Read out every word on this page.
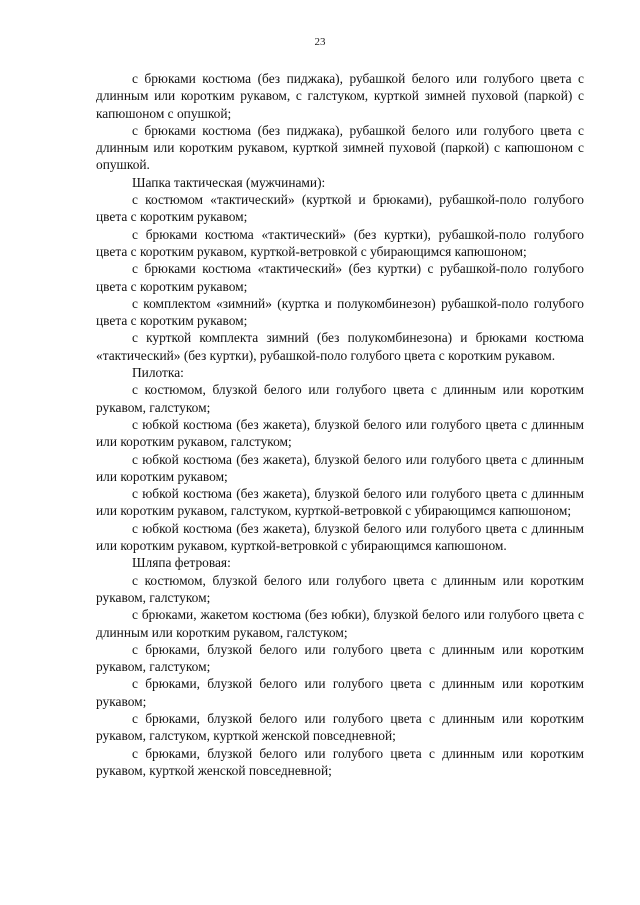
23

с брюками костюма (без пиджака), рубашкой белого или голубого цвета с длинным или коротким рукавом, с галстуком, курткой зимней пуховой (паркой) с капюшоном с опушкой;

с брюками костюма (без пиджака), рубашкой белого или голубого цвета с длинным или коротким рукавом, курткой зимней пуховой (паркой) с капюшоном с опушкой.

Шапка тактическая (мужчинами):

с костюмом «тактический» (курткой и брюками), рубашкой-поло голубого цвета с коротким рукавом;

с брюками костюма «тактический» (без куртки), рубашкой-поло голубого цвета с коротким рукавом, курткой-ветровкой с убирающимся капюшоном;

с брюками костюма «тактический» (без куртки) с рубашкой-поло голубого цвета с коротким рукавом;

с комплектом «зимний» (куртка и полукомбинезон) рубашкой-поло голубого цвета с коротким рукавом;

с курткой комплекта зимний (без полукомбинезона) и брюками костюма «тактический» (без куртки), рубашкой-поло голубого цвета с коротким рукавом.

Пилотка:

с костюмом, блузкой белого или голубого цвета с длинным или коротким рукавом, галстуком;

с юбкой костюма (без жакета), блузкой белого или голубого цвета с длинным или коротким рукавом, галстуком;

с юбкой костюма (без жакета), блузкой белого или голубого цвета с длинным или коротким рукавом;

с юбкой костюма (без жакета), блузкой белого или голубого цвета с длинным или коротким рукавом, галстуком, курткой-ветровкой с убирающимся капюшоном;

с юбкой костюма (без жакета), блузкой белого или голубого цвета с длинным или коротким рукавом, курткой-ветровкой с убирающимся капюшоном.

Шляпа фетровая:

с костюмом, блузкой белого или голубого цвета с длинным или коротким рукавом, галстуком;

с брюками, жакетом костюма (без юбки), блузкой белого или голубого цвета с длинным или коротким рукавом, галстуком;

с брюками, блузкой белого или голубого цвета с длинным или коротким рукавом, галстуком;

с брюками, блузкой белого или голубого цвета с длинным или коротким рукавом;

с брюками, блузкой белого или голубого цвета с длинным или коротким рукавом, галстуком, курткой женской повседневной;

с брюками, блузкой белого или голубого цвета с длинным или коротким рукавом, курткой женской повседневной;
